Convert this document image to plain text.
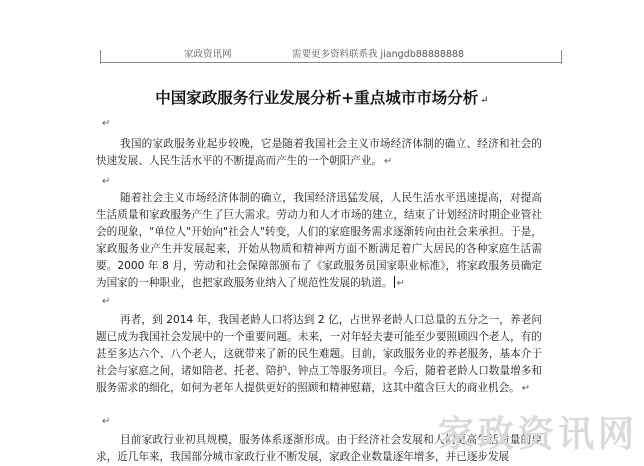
家政资讯网	需要更多资料联系我 jiangdb88888888
中国家政服务行业发展分析+重点城市市场分析 ↵
↵

我国的家政服务业起步较晚，它是随着我国社会主义市场经济体制的确立、经济和社会的快速发展、人民生活水平的不断提高而产生的一个朝阳产业。 ↵

↵

随着社会主义市场经济体制的确立，我国经济迅猛发展，人民生活水平迅速提高，对提高生活质量和家政服务产生了巨大需求。劳动力和人才市场的建立，结束了计划经济时期企业管社会的现象，"单位人"开始向"社会人"转变，人们的家庭服务需求逐渐转向由社会来承担。于是，家政服务业产生并发展起来，开始从物质和精神两方面不断满足着广大居民的各种家庭生活需要。2000 年 8 月，劳动和社会保障部颁布了《家政服务员国家职业标准》，将家政服务员确定为国家的一种职业，也把家政服务业纳入了规范性发展的轨道。 ↵

↵

再者，到 2014 年，我国老龄人口将达到 2 亿，占世界老龄人口总量的五分之一，养老问题已成为我国社会发展中的一个重要问题。未来，一对年轻夫妻可能至少要照顾四个老人，有的甚至多达六个、八个老人，这就带来了新的民生难题。目前，家政服务业的养老服务，基本介于社会与家庭之间，诸如陪老、托老、陪护、钟点工等服务项目。今后，随着老龄人口数量增多和服务需求的细化，如何为老年人提供更好的照顾和精神慰藉，这其中蕴含巨大的商业机会。 ↵

↵

目前家政行业初具规模，服务体系逐渐形成。由于经济社会发展和人们更高生活质量的要求，近几年来，我国部分城市家政行业不断发展，家政企业数量逐年增多，并已逐步发展

家政资讯网
